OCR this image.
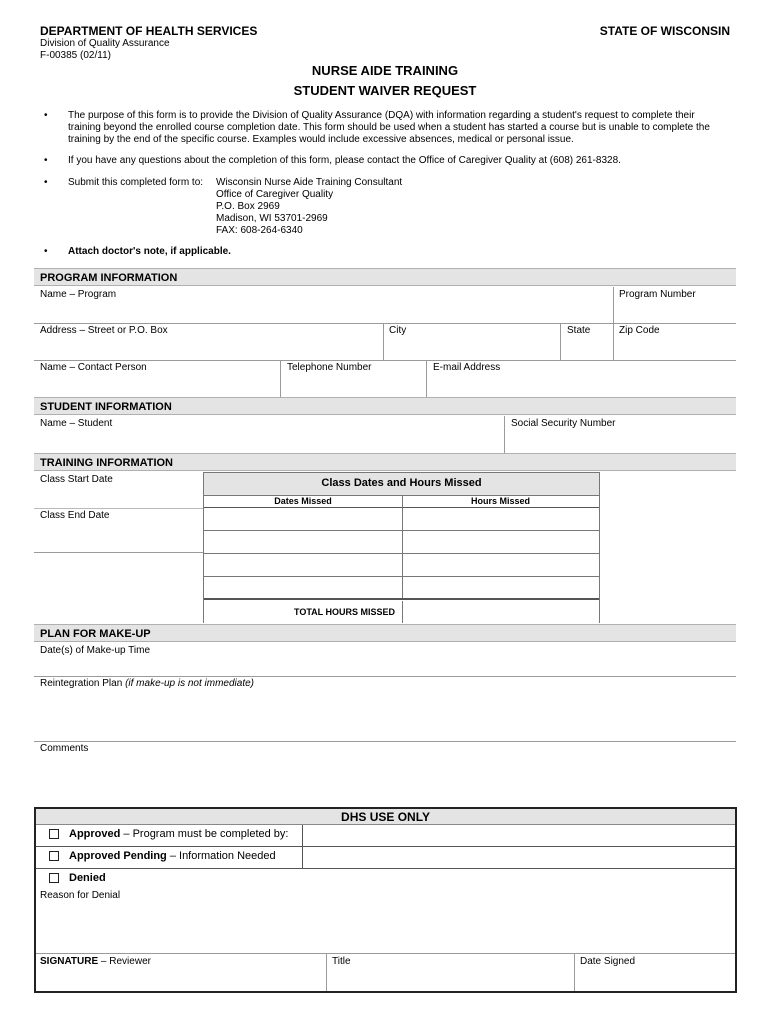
DEPARTMENT OF HEALTH SERVICES	STATE OF WISCONSIN
Division of Quality Assurance
F-00385 (02/11)
NURSE AIDE TRAINING
STUDENT WAIVER REQUEST
• The purpose of this form is to provide the Division of Quality Assurance (DQA) with information regarding a student's request to complete their
training beyond the enrolled course completion date. This form should be used when a student has started a course but is unable to complete the
training by the end of the specific course. Examples would include excessive absences, medical or personal issue.
• If you have any questions about the completion of this form, please contact the Office of Caregiver Quality at (608) 261-8328.
• Submit this completed form to:	Wisconsin Nurse Aide Training Consultant
Office of Caregiver Quality
P.O. Box 2969
Madison, WI 53701-2969
FAX: 608-264-6340
• Attach doctor's note, if applicable.
PROGRAM INFORMATION
Name – Program	Program Number
Address – Street or P.O. Box	City	State	Zip Code
Name – Contact Person	Telephone Number	E-mail Address
STUDENT INFORMATION
Name – Student	Social Security Number
TRAINING INFORMATION
Class Start Date
Class End Date
Class Dates and Hours Missed
Dates Missed	Hours Missed
TOTAL HOURS MISSED
PLAN FOR MAKE-UP
Date(s) of Make-up Time
Reintegration Plan (if make-up is not immediate)
Comments
DHS USE ONLY
Approved – Program must be completed by:
Approved Pending – Information Needed
Denied
Reason for Denial
SIGNATURE – Reviewer	Title	Date Signed
